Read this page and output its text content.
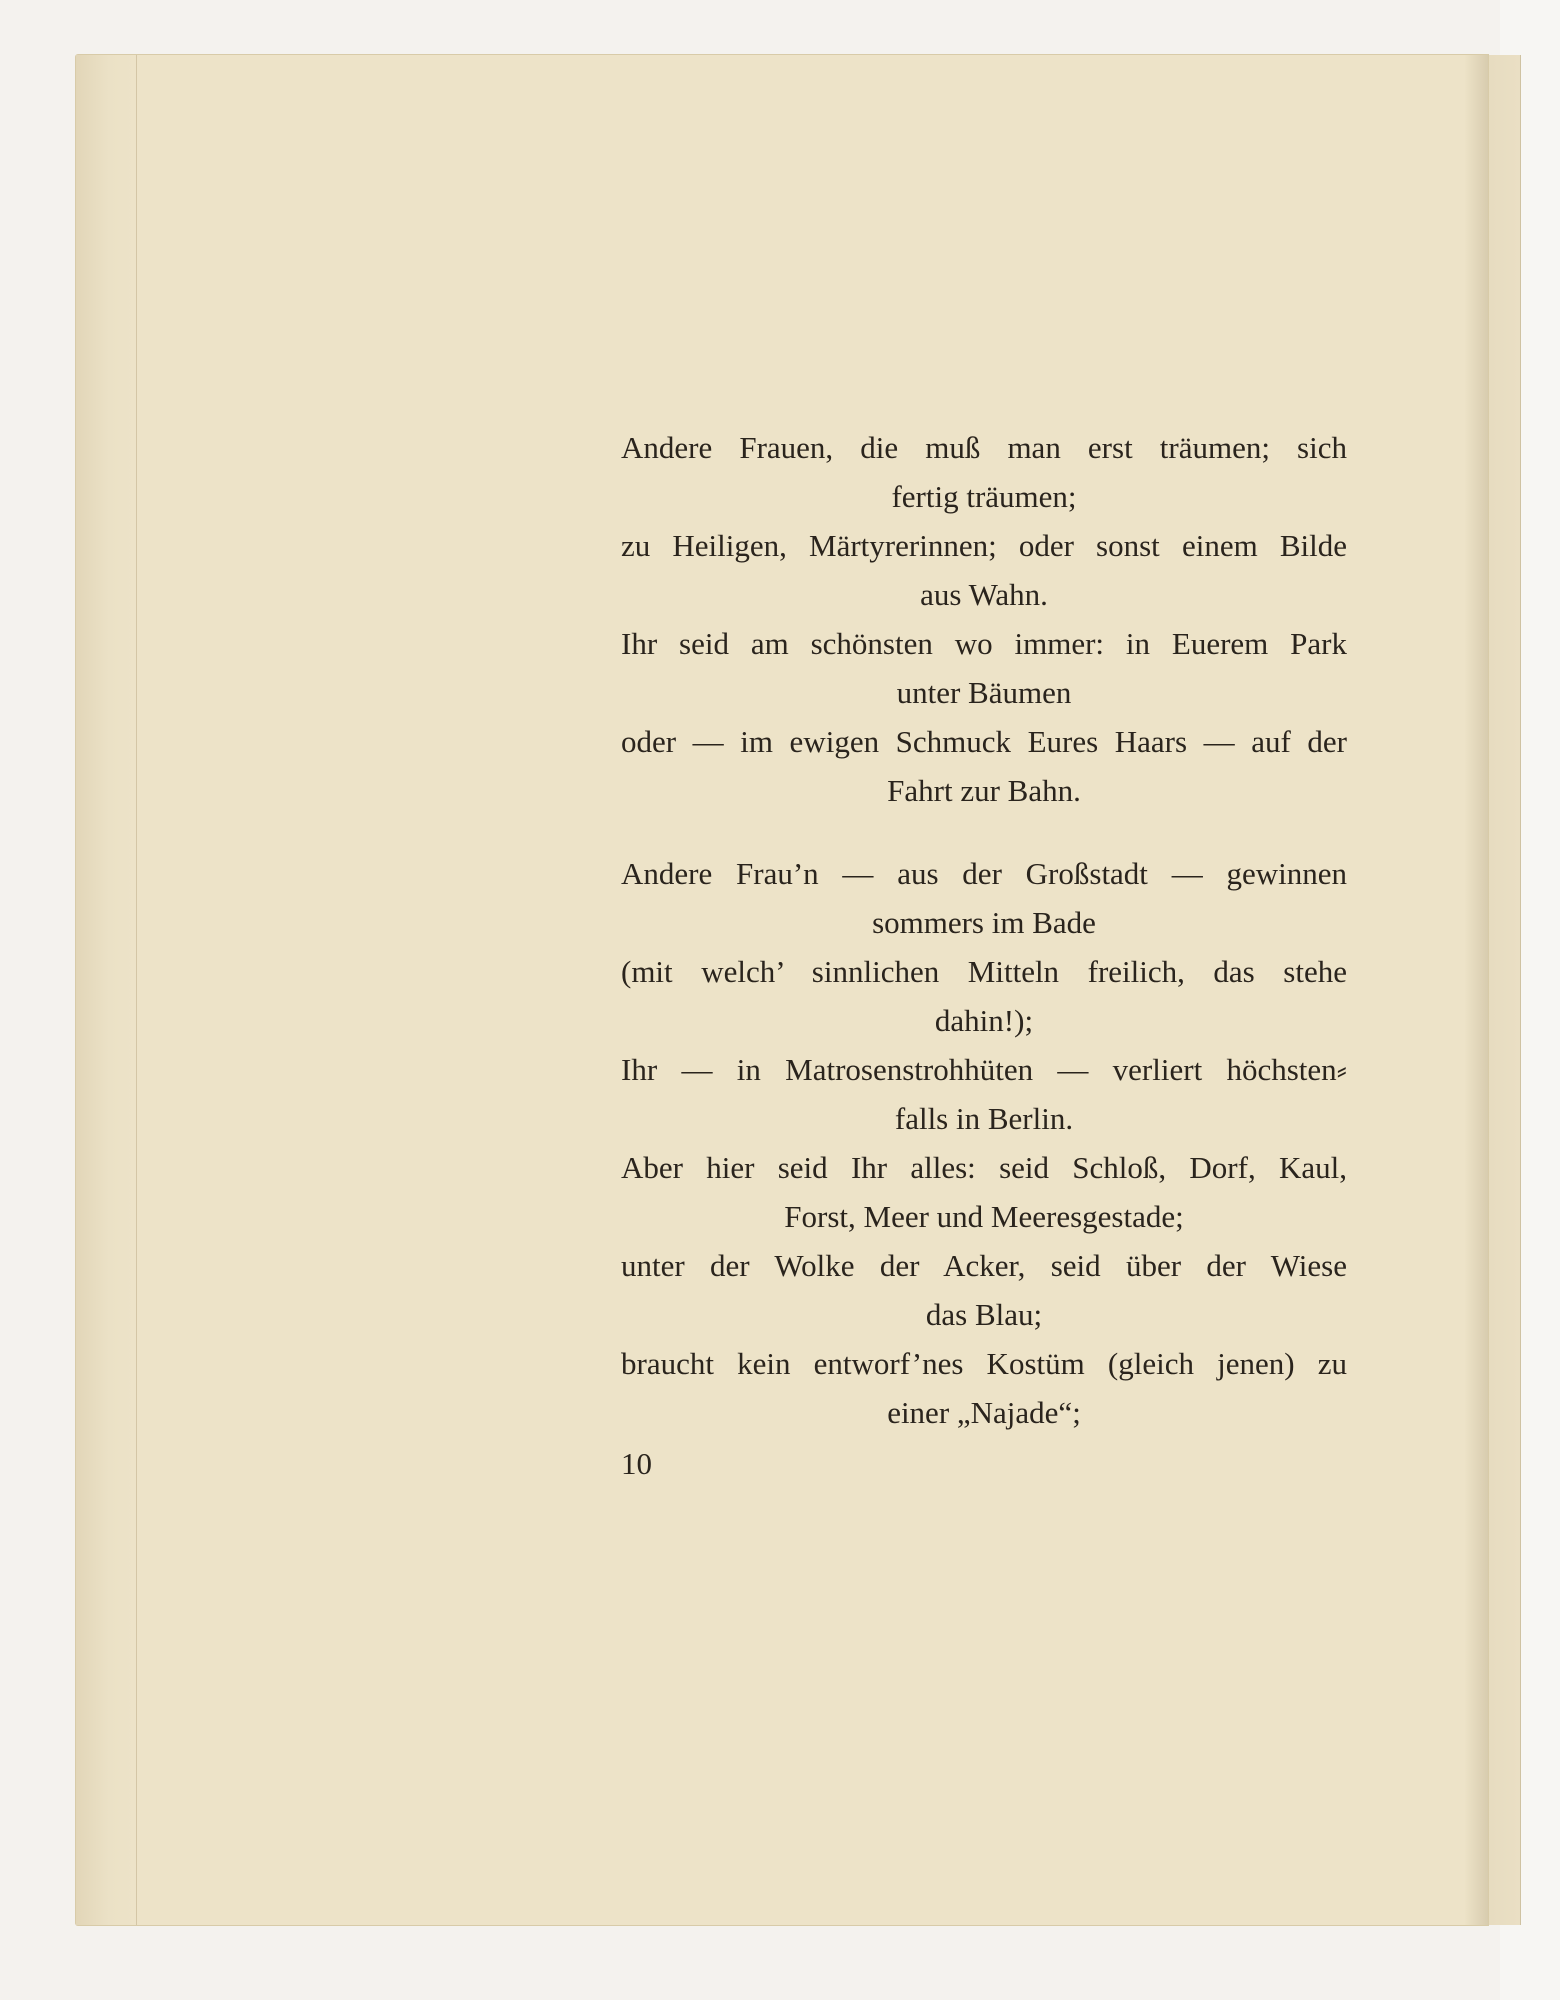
Andere Frauen, die muß man erst träumen; sich
fertig träumen;
zu Heiligen, Märtyrerinnen; oder sonst einem Bilde
aus Wahn.
Ihr seid am schönsten wo immer: in Euerem Park
unter Bäumen
oder — im ewigen Schmuck Eures Haars — auf der
Fahrt zur Bahn.
Andere Frau’n — aus der Großstadt — gewinnen
sommers im Bade
(mit welch’ sinnlichen Mitteln freilich, das stehe
dahin!);
Ihr — in Matrosenstrohhüten — verliert höchsten⸗
falls in Berlin.
Aber hier seid Ihr alles: seid Schloß, Dorf, Kaul,
Forst, Meer und Meeresgestade;
unter der Wolke der Acker, seid über der Wiese
das Blau;
braucht kein entworf’nes Kostüm (gleich jenen) zu
einer „Najade“;
10
